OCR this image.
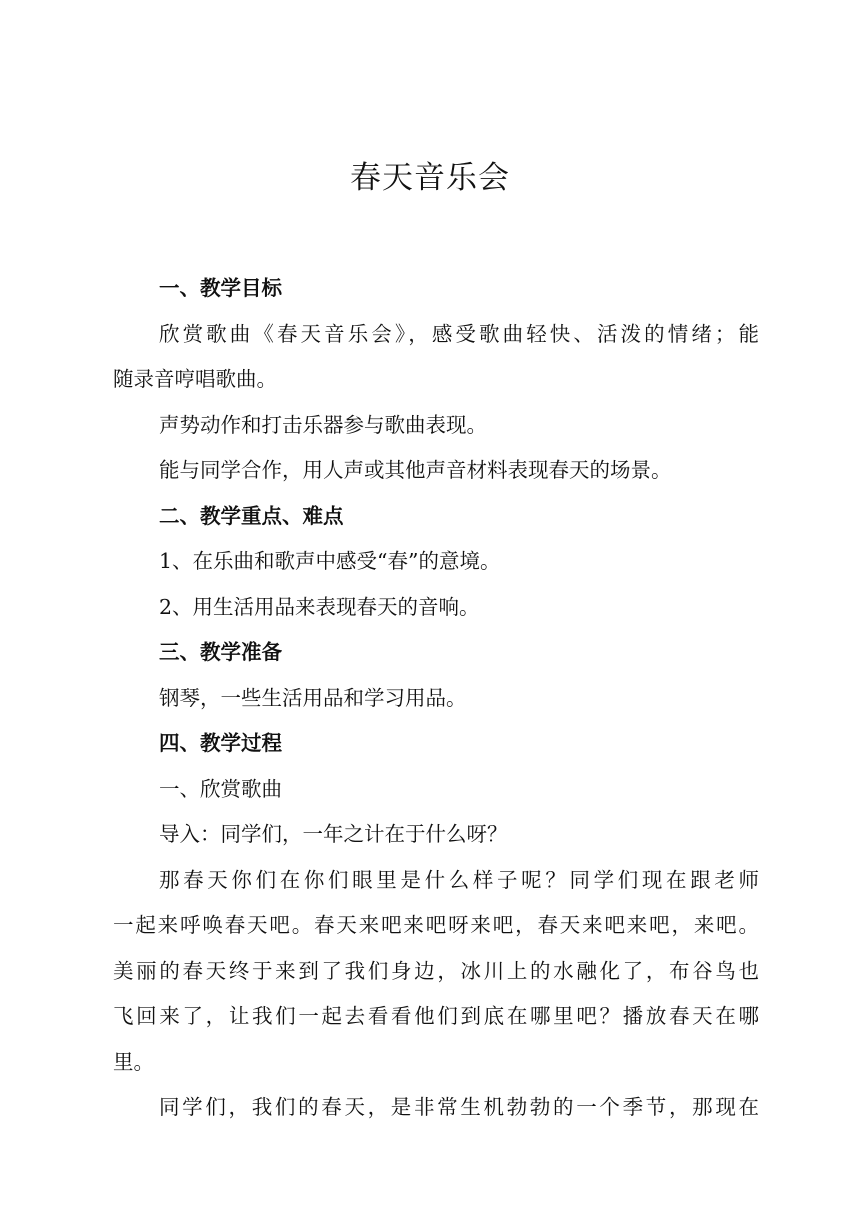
春天音乐会

一、教学目标

欣赏歌曲《春天音乐会》，感受歌曲轻快、活泼的情绪；能

随录音哼唱歌曲。

声势动作和打击乐器参与歌曲表现。

能与同学合作，用人声或其他声音材料表现春天的场景。

二、教学重点、难点

1、在乐曲和歌声中感受“春”的意境。

2、用生活用品来表现春天的音响。

三、教学准备

钢琴，一些生活用品和学习用品。

四、教学过程

一、欣赏歌曲

导入：同学们，一年之计在于什么呀？

那春天你们在你们眼里是什么样子呢？同学们现在跟老师

一起来呼唤春天吧。春天来吧来吧呀来吧，春天来吧来吧，来吧。

美丽的春天终于来到了我们身边，冰川上的水融化了，布谷鸟也

飞回来了，让我们一起去看看他们到底在哪里吧？播放春天在哪

里。

同学们，我们的春天，是非常生机勃勃的一个季节，那现在
